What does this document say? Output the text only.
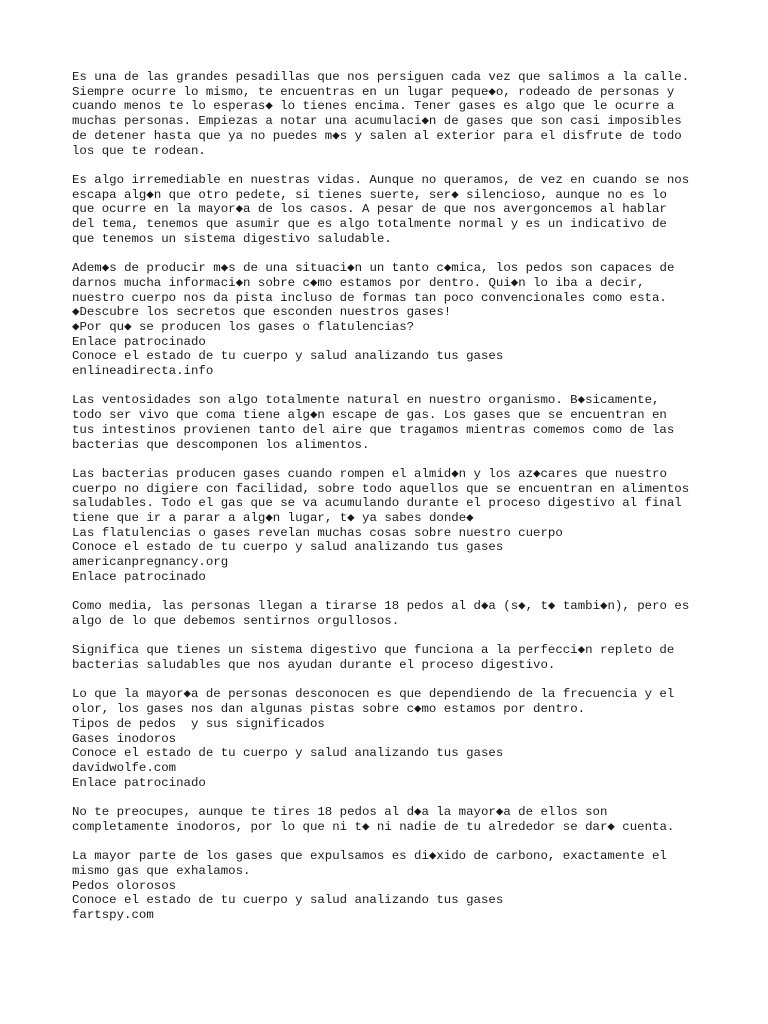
Es una de las grandes pesadillas que nos persiguen cada vez que salimos a la calle.
Siempre ocurre lo mismo, te encuentras en un lugar peque◆o, rodeado de personas y
cuando menos te lo esperas◆ lo tienes encima. Tener gases es algo que le ocurre a
muchas personas. Empiezas a notar una acumulaci◆n de gases que son casi imposibles
de detener hasta que ya no puedes m◆s y salen al exterior para el disfrute de todo
los que te rodean.
Es algo irremediable en nuestras vidas. Aunque no queramos, de vez en cuando se nos
escapa alg◆n que otro pedete, si tienes suerte, ser◆ silencioso, aunque no es lo
que ocurre en la mayor◆a de los casos. A pesar de que nos avergoncemos al hablar
del tema, tenemos que asumir que es algo totalmente normal y es un indicativo de
que tenemos un sistema digestivo saludable.
Adem◆s de producir m◆s de una situaci◆n un tanto c◆mica, los pedos son capaces de
darnos mucha informaci◆n sobre c◆mo estamos por dentro. Qui◆n lo iba a decir,
nuestro cuerpo nos da pista incluso de formas tan poco convencionales como esta.
◆Descubre los secretos que esconden nuestros gases!
◆Por qu◆ se producen los gases o flatulencias?
Enlace patrocinado
Conoce el estado de tu cuerpo y salud analizando tus gases
enlineadirecta.info
Las ventosidades son algo totalmente natural en nuestro organismo. B◆sicamente,
todo ser vivo que coma tiene alg◆n escape de gas. Los gases que se encuentran en
tus intestinos provienen tanto del aire que tragamos mientras comemos como de las
bacterias que descomponen los alimentos.
Las bacterias producen gases cuando rompen el almid◆n y los az◆cares que nuestro
cuerpo no digiere con facilidad, sobre todo aquellos que se encuentran en alimentos
saludables. Todo el gas que se va acumulando durante el proceso digestivo al final
tiene que ir a parar a alg◆n lugar, t◆ ya sabes donde◆
Las flatulencias o gases revelan muchas cosas sobre nuestro cuerpo
Conoce el estado de tu cuerpo y salud analizando tus gases
americanpregnancy.org
Enlace patrocinado
Como media, las personas llegan a tirarse 18 pedos al d◆a (s◆, t◆ tambi◆n), pero es
algo de lo que debemos sentirnos orgullosos.
Significa que tienes un sistema digestivo que funciona a la perfecci◆n repleto de
bacterias saludables que nos ayudan durante el proceso digestivo.
Lo que la mayor◆a de personas desconocen es que dependiendo de la frecuencia y el
olor, los gases nos dan algunas pistas sobre c◆mo estamos por dentro.
Tipos de pedos  y sus significados
Gases inodoros
Conoce el estado de tu cuerpo y salud analizando tus gases
davidwolfe.com
Enlace patrocinado
No te preocupes, aunque te tires 18 pedos al d◆a la mayor◆a de ellos son
completamente inodoros, por lo que ni t◆ ni nadie de tu alrededor se dar◆ cuenta.
La mayor parte de los gases que expulsamos es di◆xido de carbono, exactamente el
mismo gas que exhalamos.
Pedos olorosos
Conoce el estado de tu cuerpo y salud analizando tus gases
fartspy.com
